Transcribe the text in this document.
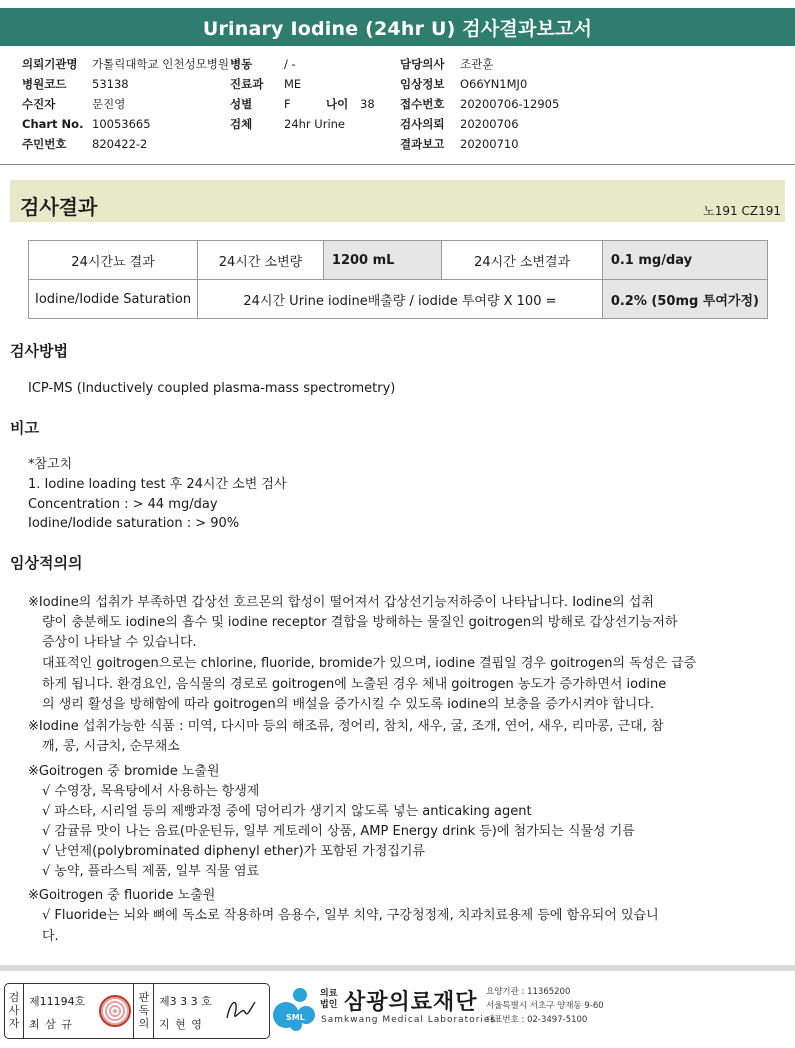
Urinary Iodine (24hr U) 검사결과보고서
의뢰기관명 가톨릭대학교 인천성모병원
병원코드 53138
수진자	문진영
Chart No. 10053665
주민번호 820422-2
병동	/ -
진료과 ME
성별	F	나이 38
검체	24hr Urine
담당의사 조관훈
임상정보 O66YN1MJ0
접수번호 20200706-12905
검사의뢰 20200706
결과보고 20200710
검사결과	노191 CZ191
24시간뇨 결과	24시간 소변량	1200 mL	24시간 소변결과	0.1 mg/day
Iodine/Iodide Saturation	24시간 Urine iodine배출량 / iodide 투여량 X 100 =			0.2% (50mg 투여가정)
검사방법
ICP-MS (Inductively coupled plasma-mass spectrometry)
비고
*참고치
1. Iodine loading test 후 24시간 소변 검사
Concentration : > 44 mg/day
Iodine/Iodide saturation : > 90%
임상적의의
※Iodine의 섭취가 부족하면 갑상선 호르몬의 합성이 떨어져서 갑상선기능저하증이 나타납니다. Iodine의 섭취
량이 충분해도 iodine의 흡수 및 iodine receptor 결합을 방해하는 물질인 goitrogen의 방해로 갑상선기능저하
증상이 나타날 수 있습니다.
대표적인 goitrogen으로는 chlorine, fluoride, bromide가 있으며, iodine 결핍일 경우 goitrogen의 독성은 급증
하게 됩니다. 환경요인, 음식물의 경로로 goitrogen에 노출된 경우 체내 goitrogen 농도가 증가하면서 iodine
의 생리 활성을 방해함에 따라 goitrogen의 배설을 증가시킬 수 있도록 iodine의 보충을 증가시켜야 합니다.
※Iodine 섭취가능한 식품 : 미역, 다시마 등의 해조류, 정어리, 참치, 새우, 굴, 조개, 연어, 새우, 리마콩, 근대, 참
깨, 콩, 시금치, 순무채소
※Goitrogen 중 bromide 노출원
√ 수영장, 목욕탕에서 사용하는 항생제
√ 파스타, 시리얼 등의 제빵과정 중에 덩어리가 생기지 않도록 넣는 anticaking agent
√ 감귤류 맛이 나는 음료(마운틴듀, 일부 게토레이 상품, AMP Energy drink 등)에 첨가되는 식물성 기름
√ 난연제(polybrominated diphenyl ether)가 포함된 가정집기류
√ 농약, 플라스틱 제품, 일부 직물 염료
※Goitrogen 중 fluoride 노출원
√ Fluoride는 뇌와 뼈에 독소로 작용하며 음용수, 일부 치약, 구강청정제, 치과치료용제 등에 함유되어 있습니
다.
검
사
자
제11194호
최 삼 규
판
독
의
제3 3 3 호
지 현 영
SML
의료
법인 삼광의료재단
Samkwang Medical Laboratories
요양기관 : 11365200
서울특별시 서초구 양재동 9-60
대표번호 : 02-3497-5100
